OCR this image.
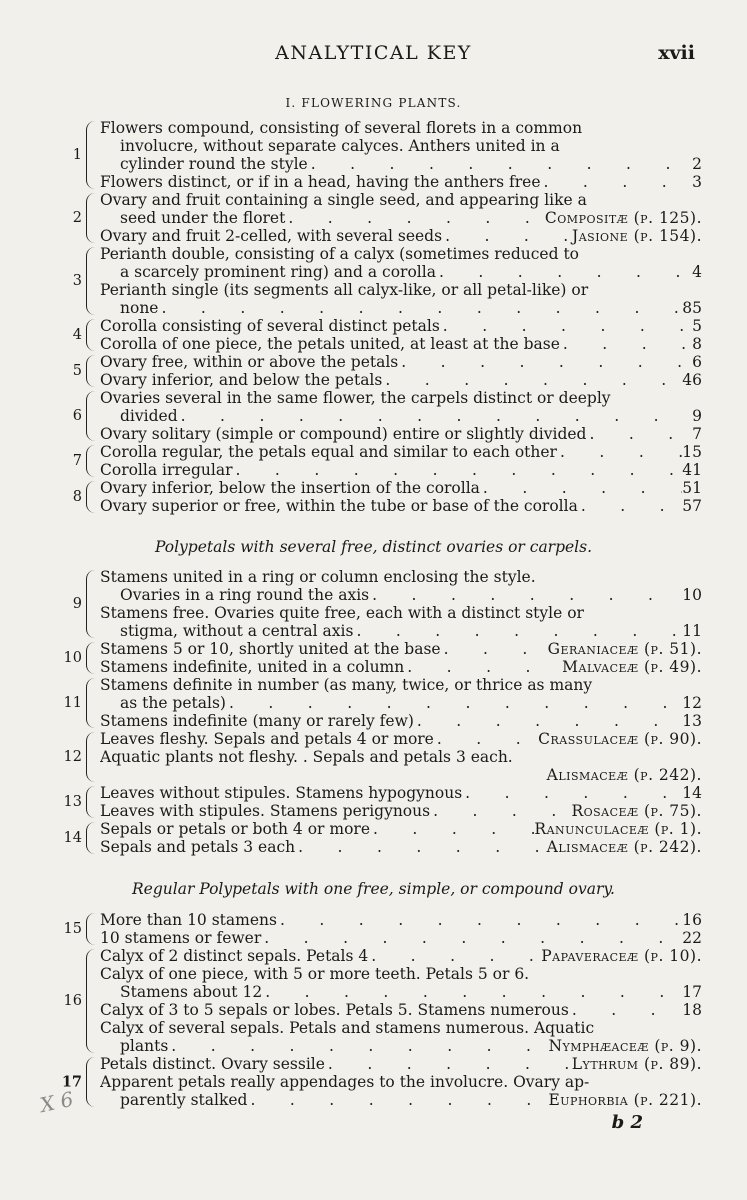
ANALYTICAL KEY	xvii
I. FLOWERING PLANTS.
1
Flowers compound, consisting of several florets in a common
involucre, without separate calyces. Anthers united in a
cylinder round the style .	2
Flowers distinct, or if in a head, having the anthers free .	3
2
Ovary and fruit containing a single seed, and appearing like a
seed under the floret .	Compositæ (p. 125).
Ovary and fruit 2-celled, with several seeds .	Jasione (p. 154).
3
Perianth double, consisting of a calyx (sometimes reduced to
a scarcely prominent ring) and a corolla .	4
Perianth single (its segments all calyx-like, or all petal-like) or
none .	85
4 Corolla consisting of several distinct petals .	5
Corolla of one piece, the petals united, at least at the base .	8
5 Ovary free, within or above the petals .	6
Ovary inferior, and below the petals .	46
6
Ovaries several in the same flower, the carpels distinct or deeply
divided .	9
Ovary solitary (simple or compound) entire or slightly divided .	7
7 Corolla regular, the petals equal and similar to each other .	15
Corolla irregular .	41
8 Ovary inferior, below the insertion of the corolla .	51
Ovary superior or free, within the tube or base of the corolla .	57
Polypetals with several free, distinct ovaries or carpels.
9
Stamens united in a ring or column enclosing the style.
Ovaries in a ring round the axis .	10
Stamens free. Ovaries quite free, each with a distinct style or
stigma, without a central axis .	11
10 Stamens 5 or 10, shortly united at the base .	Geraniaceæ (p. 51).
Stamens indefinite, united in a column .	Malvaceæ (p. 49).
11
Stamens definite in number (as many, twice, or thrice as many
as the petals) .	12
Stamens indefinite (many or rarely few) .	13
12
Leaves fleshy. Sepals and petals 4 or more .	Crassulaceæ (p. 90).
Aquatic plants not fleshy. . Sepals and petals 3 each.
Alismaceæ (p. 242).
13 Leaves without stipules. Stamens hypogynous .	14
Leaves with stipules. Stamens perigynous .	Rosaceæ (p. 75).
14 Sepals or petals or both 4 or more .	Ranunculaceæ (p. 1).
Sepals and petals 3 each .	Alismaceæ (p. 242).
Regular Polypetals with one free, simple, or compound ovary.
15 More than 10 stamens .	16
10 stamens or fewer .	22
16
Calyx of 2 distinct sepals. Petals 4 .	Papaveraceæ (p. 10).
Calyx of one piece, with 5 or more teeth. Petals 5 or 6.
Stamens about 12 .	17
Calyx of 3 to 5 sepals or lobes. Petals 5. Stamens numerous .	18
Calyx of several sepals. Petals and stamens numerous. Aquatic
plants .	Nymphæaceæ (p. 9).
17
Petals distinct. Ovary sessile .	Lythrum (p. 89).
Apparent petals really appendages to the involucre. Ovary ap-
parently stalked .	Euphorbia (p. 221).
X 6
b 2
